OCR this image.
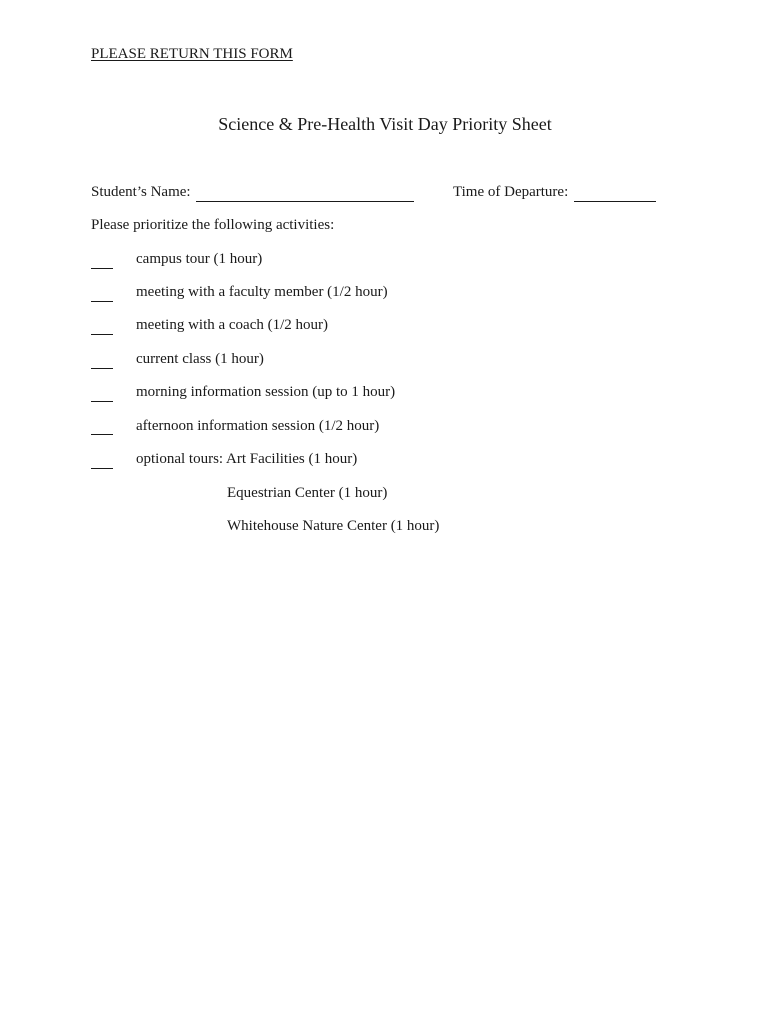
PLEASE RETURN THIS FORM
Science & Pre-Health Visit Day Priority Sheet
Student’s Name:	Time of Departure:
Please prioritize the following activities:
campus tour (1 hour)
meeting with a faculty member (1/2 hour)
meeting with a coach (1/2 hour)
current class (1 hour)
morning information session (up to 1 hour)
afternoon information session (1/2 hour)
optional tours: Art Facilities (1 hour)
Equestrian Center (1 hour)
Whitehouse Nature Center (1 hour)
